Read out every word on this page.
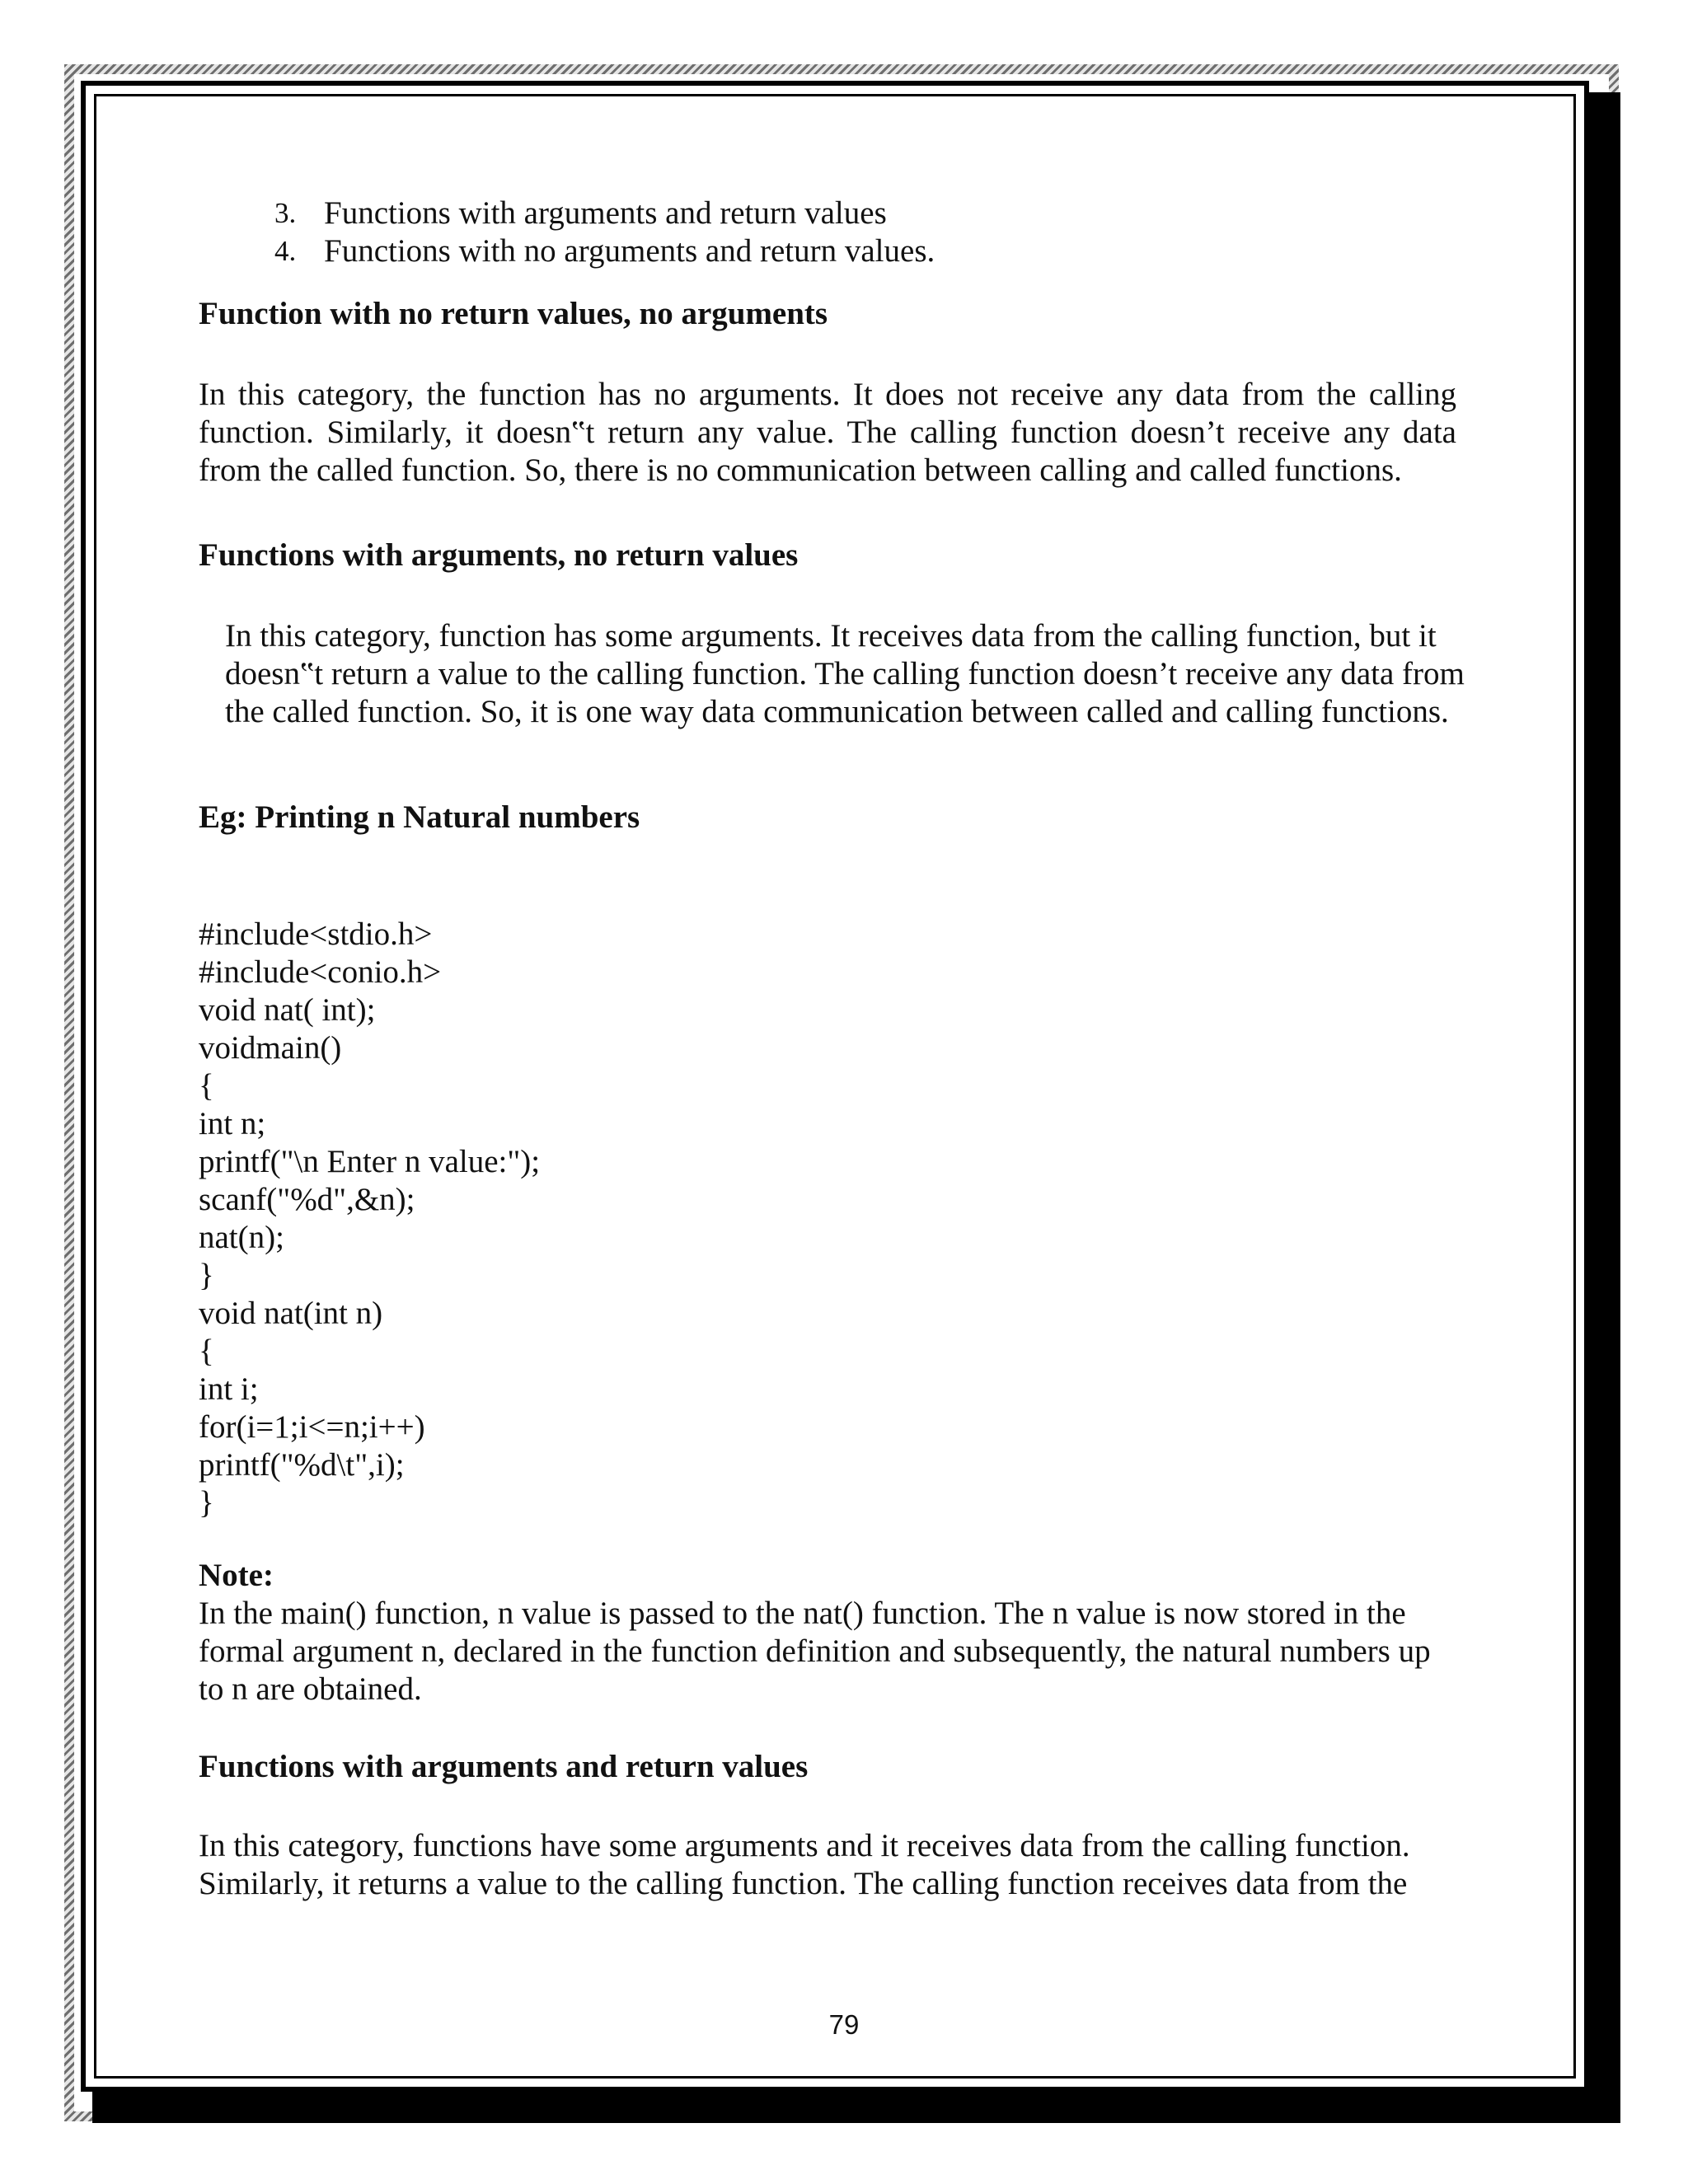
3. Functions with arguments and return values
4. Functions with no arguments and return values.

Function with no return values, no arguments

In this category, the function has no arguments. It does not receive any data from the calling function. Similarly, it doesn‟t return any value. The calling function doesn’t receive any data from the called function. So, there is no communication between calling and called functions.

Functions with arguments, no return values

In this category, function has some arguments. It receives data from the calling function, but it doesn‟t return a value to the calling function. The calling function doesn’t receive any data from the called function. So, it is one way data communication between called and calling functions.

Eg: Printing n Natural numbers

#include<stdio.h>
#include<conio.h>
void nat( int);
voidmain()
{
int n;
printf("\n Enter n value:");
scanf("%d",&n);
nat(n);
}
void nat(int n)
{
int i;
for(i=1;i<=n;i++)
printf("%d\t",i);
}

Note:

In the main() function, n value is passed to the nat() function. The n value is now stored in the formal argument n, declared in the function definition and subsequently, the natural numbers up to n are obtained.

Functions with arguments and return values

In this category, functions have some arguments and it receives data from the calling function. Similarly, it returns a value to the calling function. The calling function receives data from the

79
